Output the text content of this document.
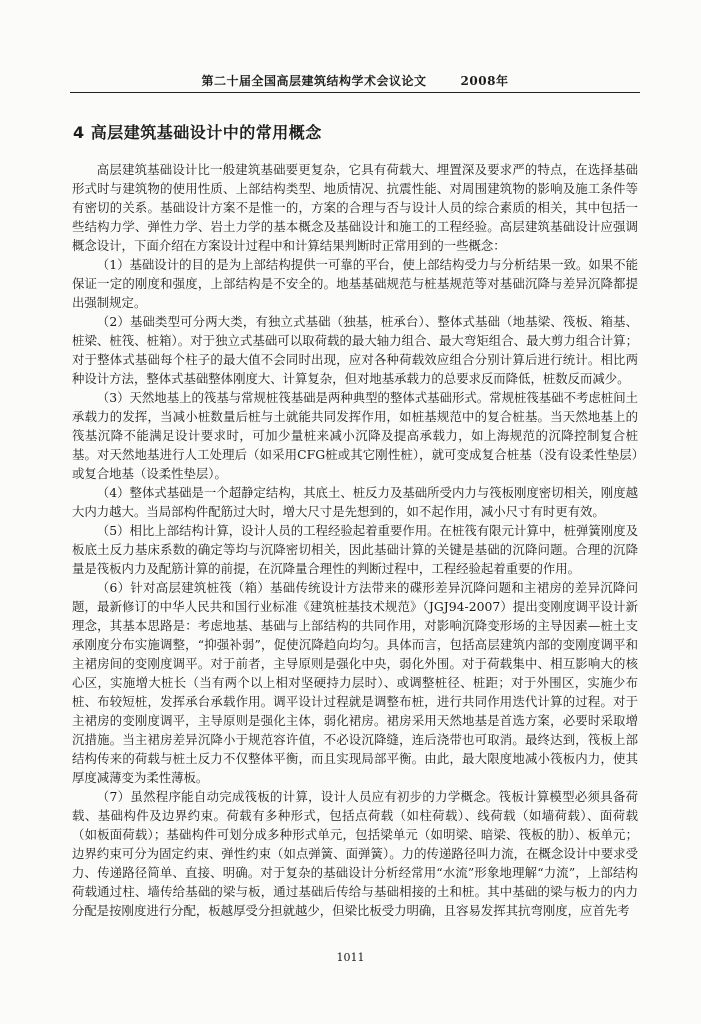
第二十届全国高层建筑结构学术会议论文	2008年
4 高层建筑基础设计中的常用概念

高层建筑基础设计比一般建筑基础要更复杂，它具有荷载大、埋置深及要求严的特点，在选择基础形式时与建筑物的使用性质、上部结构类型、地质情况、抗震性能、对周围建筑物的影响及施工条件等有密切的关系。基础设计方案不是惟一的，方案的合理与否与设计人员的综合素质的相关，其中包括一些结构力学、弹性力学、岩土力学的基本概念及基础设计和施工的工程经验。高层建筑基础设计应强调概念设计，下面介绍在方案设计过程中和计算结果判断时正常用到的一些概念：

（1）基础设计的目的是为上部结构提供一可靠的平台，使上部结构受力与分析结果一致。如果不能保证一定的刚度和强度，上部结构是不安全的。地基基础规范与桩基规范等对基础沉降与差异沉降都提出强制规定。

（2）基础类型可分两大类，有独立式基础（独基，桩承台）、整体式基础（地基梁、筏板、箱基、桩梁、桩筏、桩箱）。对于独立式基础可以取荷载的最大轴力组合、最大弯矩组合、最大剪力组合计算；对于整体式基础每个柱子的最大值不会同时出现，应对各种荷载效应组合分别计算后进行统计。相比两种设计方法，整体式基础整体刚度大、计算复杂，但对地基承载力的总要求反而降低，桩数反而减少。

（3）天然地基上的筏基与常规桩筏基础是两种典型的整体式基础形式。常规桩筏基础不考虑桩间土承载力的发挥，当减小桩数量后桩与土就能共同发挥作用，如桩基规范中的复合桩基。当天然地基上的筏基沉降不能满足设计要求时，可加少量桩来减小沉降及提高承载力，如上海规范的沉降控制复合桩基。对天然地基进行人工处理后（如采用CFG桩或其它刚性桩），就可变成复合桩基（没有设柔性垫层）或复合地基（设柔性垫层）。

（4）整体式基础是一个超静定结构，其底土、桩反力及基础所受内力与筏板刚度密切相关，刚度越大内力越大。当局部构件配筋过大时，增大尺寸是先想到的，如不起作用，减小尺寸有时更有效。

（5）相比上部结构计算，设计人员的工程经验起着重要作用。在桩筏有限元计算中，桩弹簧刚度及板底土反力基床系数的确定等均与沉降密切相关，因此基础计算的关键是基础的沉降问题。合理的沉降量是筏板内力及配筋计算的前提，在沉降量合理性的判断过程中，工程经验起着重要的作用。

（6）针对高层建筑桩筏（箱）基础传统设计方法带来的碟形差异沉降问题和主裙房的差异沉降问题，最新修订的中华人民共和国行业标准《建筑桩基技术规范》（JGJ94-2007）提出变刚度调平设计新理念，其基本思路是：考虑地基、基础与上部结构的共同作用，对影响沉降变形场的主导因素—桩土支承刚度分布实施调整，“抑强补弱”，促使沉降趋向均匀。具体而言，包括高层建筑内部的变刚度调平和主裙房间的变刚度调平。对于前者，主导原则是强化中央，弱化外围。对于荷载集中、相互影响大的核心区，实施增大桩长（当有两个以上相对坚硬持力层时）、或调整桩径、桩距；对于外围区，实施少布桩、布较短桩，发挥承台承载作用。调平设计过程就是调整布桩，进行共同作用迭代计算的过程。对于主裙房的变刚度调平，主导原则是强化主体，弱化裙房。裙房采用天然地基是首选方案，必要时采取增沉措施。当主裙房差异沉降小于规范容许值，不必设沉降缝，连后浇带也可取消。最终达到，筏板上部结构传来的荷载与桩土反力不仅整体平衡，而且实现局部平衡。由此，最大限度地减小筏板内力，使其厚度减薄变为柔性薄板。

（7）虽然程序能自动完成筏板的计算，设计人员应有初步的力学概念。筏板计算模型必须具备荷载、基础构件及边界约束。荷载有多种形式，包括点荷载（如柱荷载）、线荷载（如墙荷载）、面荷载（如板面荷载）；基础构件可划分成多种形式单元，包括梁单元（如明梁、暗梁、筏板的肋）、板单元；边界约束可分为固定约束、弹性约束（如点弹簧、面弹簧）。力的传递路径叫力流，在概念设计中要求受力、传递路径简单、直接、明确。对于复杂的基础设计分析经常用“水流”形象地理解“力流”，上部结构荷载通过柱、墙传给基础的梁与板，通过基础后传给与基础相接的土和桩。其中基础的梁与板力的内力分配是按刚度进行分配，板越厚受分担就越少，但梁比板受力明确，且容易发挥其抗弯刚度，应首先考

1011
